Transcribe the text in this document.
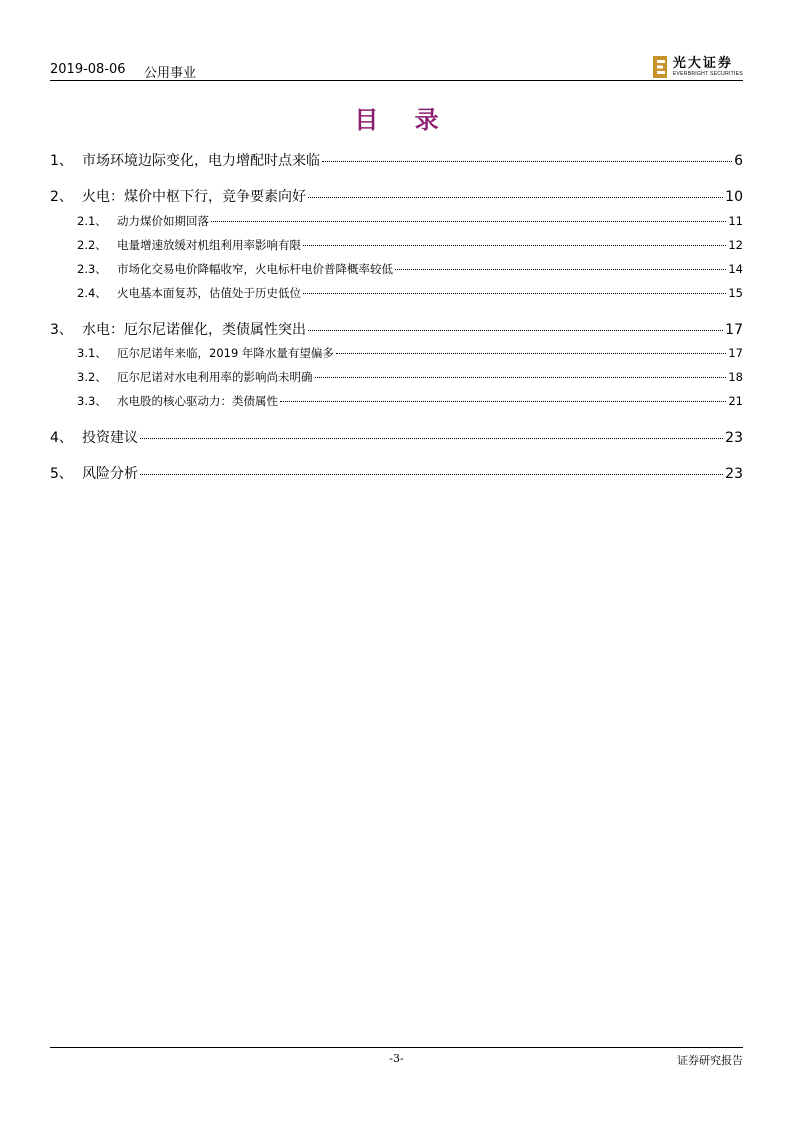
2019-08-06 公用事业
光大证券
EVERBRIGHT SECURITIES
目 录
1、 市场环境边际变化，电力增配时点来临	6
2、 火电：煤价中枢下行，竞争要素向好	10
2.1、 动力煤价如期回落	11
2.2、 电量增速放缓对机组利用率影响有限	12
2.3、 市场化交易电价降幅收窄，火电标杆电价普降概率较低	14
2.4、 火电基本面复苏，估值处于历史低位	15
3、 水电：厄尔尼诺催化，类债属性突出	17
3.1、 厄尔尼诺年来临，2019 年降水量有望偏多	17
3.2、 厄尔尼诺对水电利用率的影响尚未明确	18
3.3、 水电股的核心驱动力：类债属性	21
4、 投资建议	23
5、 风险分析	23
-3-	证券研究报告
